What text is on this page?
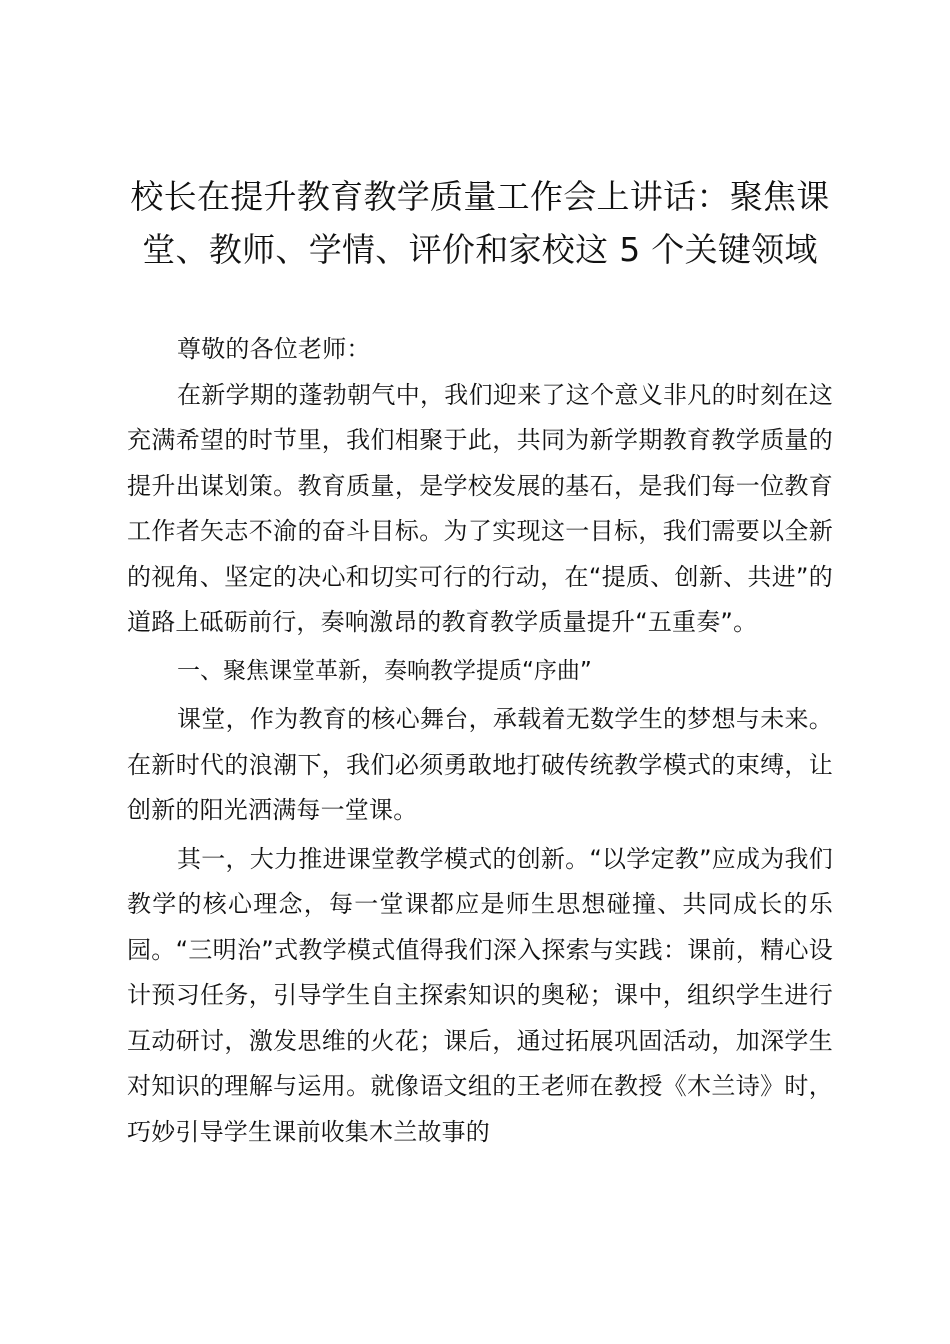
校长在提升教育教学质量工作会上讲话：聚焦课堂、教师、学情、评价和家校这 5 个关键领域

尊敬的各位老师：

在新学期的蓬勃朝气中，我们迎来了这个意义非凡的时刻在这充满希望的时节里，我们相聚于此，共同为新学期教育教学质量的提升出谋划策。教育质量，是学校发展的基石，是我们每一位教育工作者矢志不渝的奋斗目标。为了实现这一目标，我们需要以全新的视角、坚定的决心和切实可行的行动，在“提质、创新、共进”的道路上砥砺前行，奏响激昂的教育教学质量提升“五重奏”。

一、聚焦课堂革新，奏响教学提质“序曲”

课堂，作为教育的核心舞台，承载着无数学生的梦想与未来。在新时代的浪潮下，我们必须勇敢地打破传统教学模式的束缚，让创新的阳光洒满每一堂课。

其一，大力推进课堂教学模式的创新。“以学定教”应成为我们教学的核心理念，每一堂课都应是师生思想碰撞、共同成长的乐园。“三明治”式教学模式值得我们深入探索与实践：课前，精心设计预习任务，引导学生自主探索知识的奥秘；课中，组织学生进行互动研讨，激发思维的火花；课后，通过拓展巩固活动，加深学生对知识的理解与运用。就像语文组的王老师在教授《木兰诗》时，巧妙引导学生课前收集木兰故事的
